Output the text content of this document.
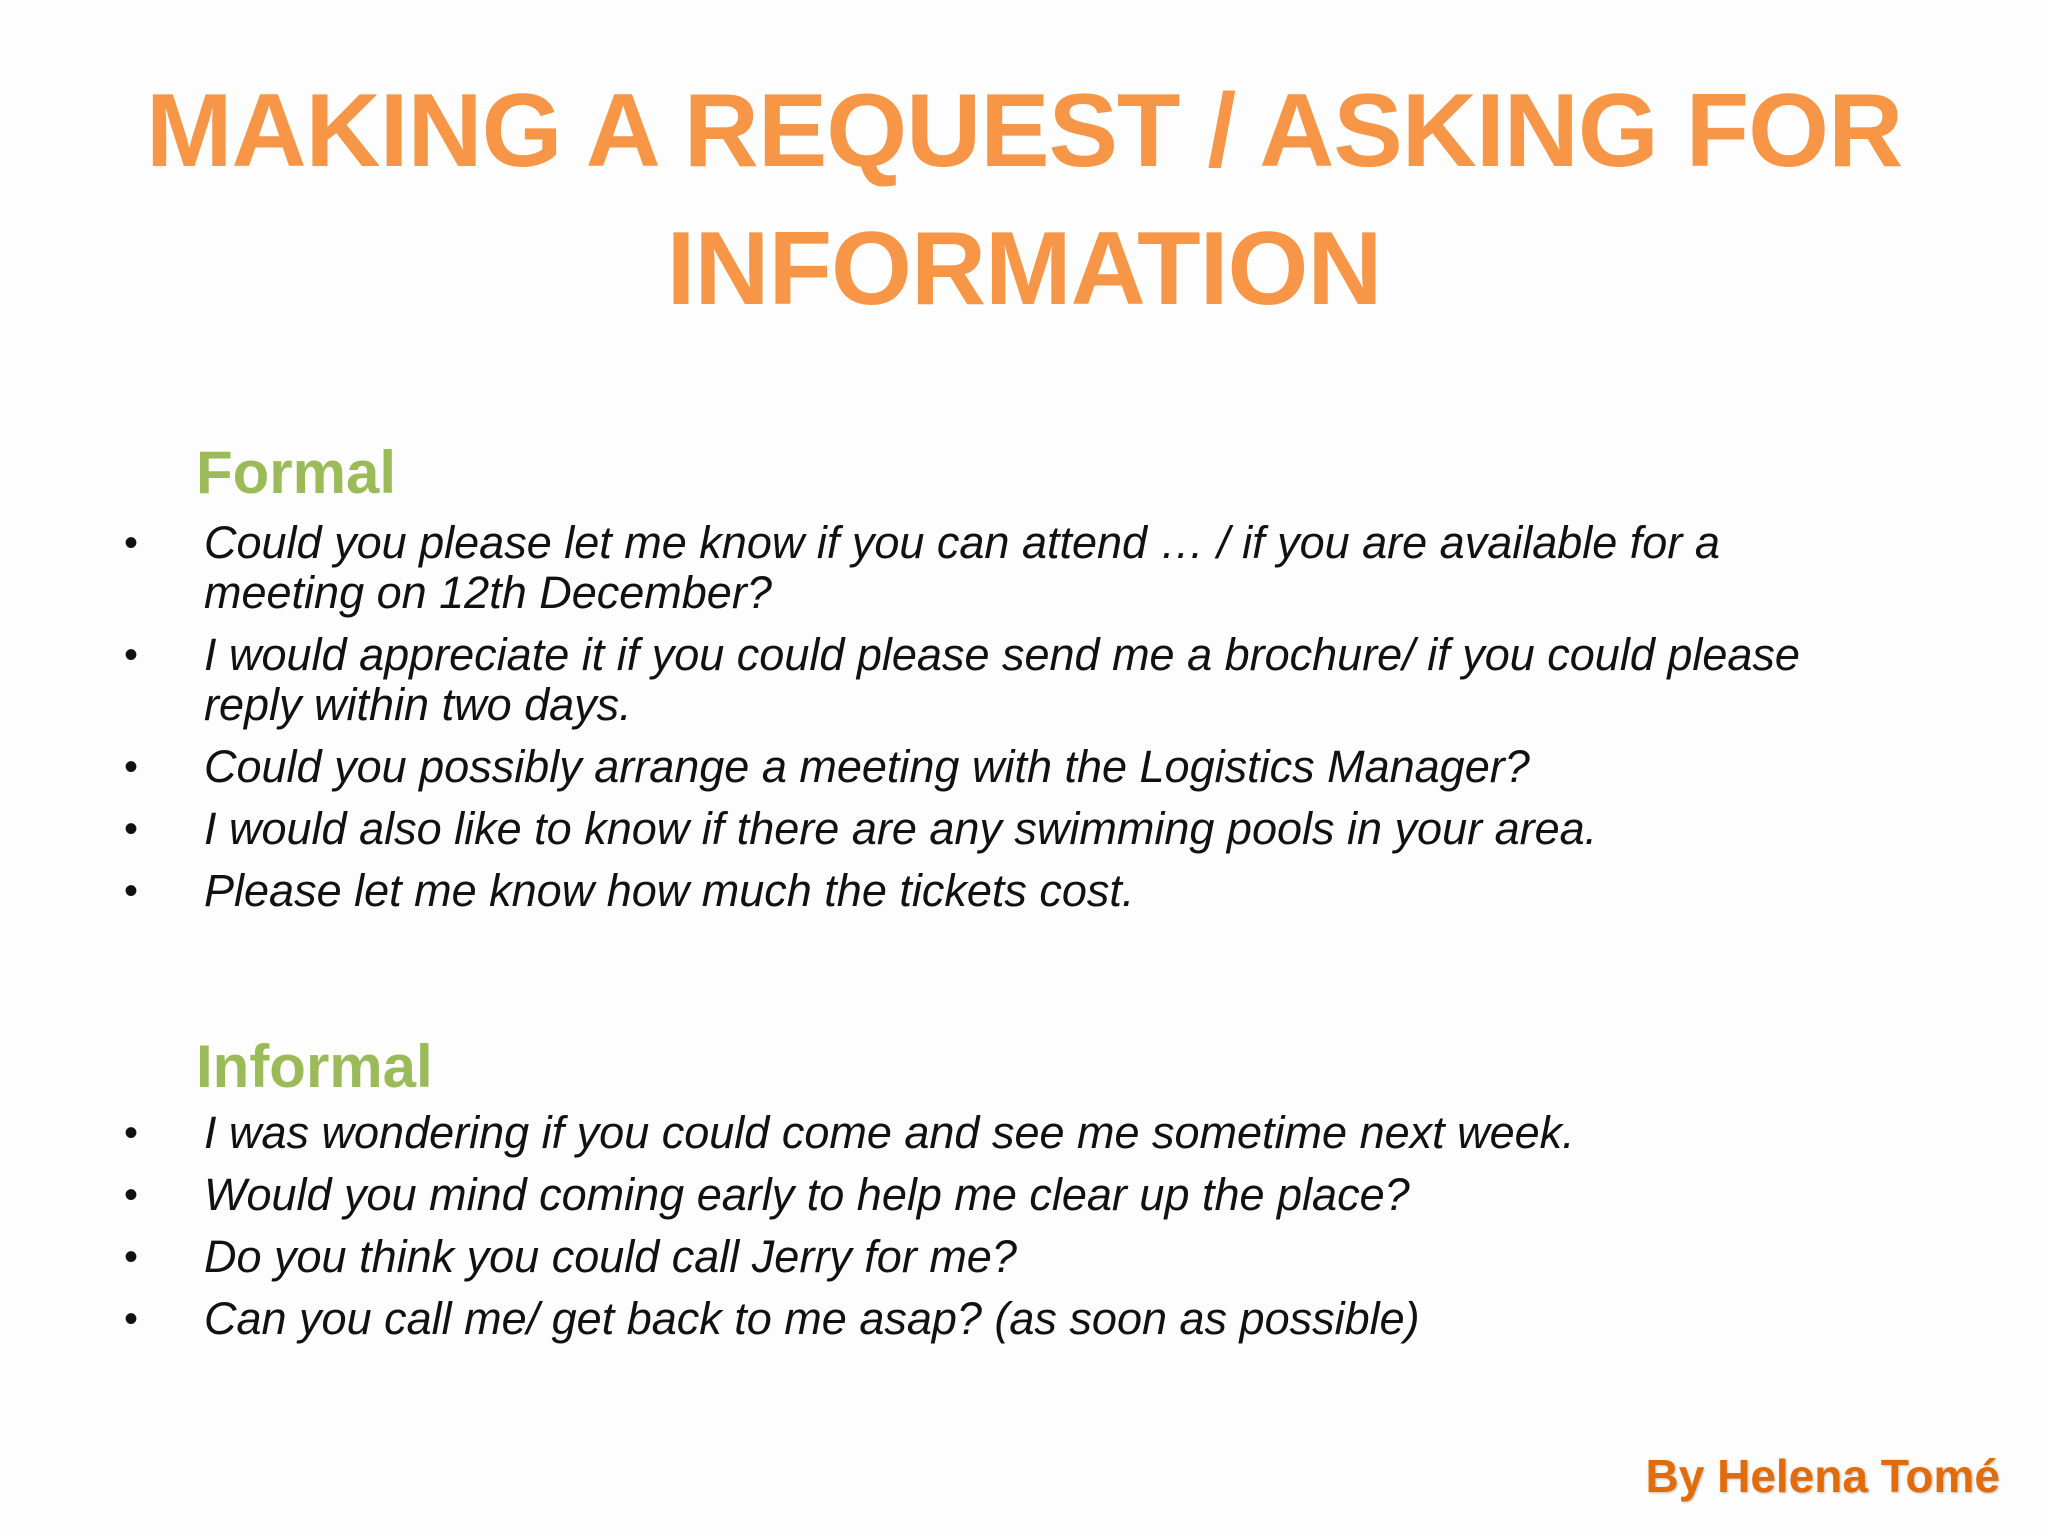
MAKING A REQUEST / ASKING FOR
INFORMATION
Formal
• Could you please let me know if you can attend … / if you are available for a
meeting on 12th December?
• I would appreciate it if you could please send me a brochure/ if you could please
reply within two days.
• Could you possibly arrange a meeting with the Logistics Manager?
• I would also like to know if there are any swimming pools in your area.
• Please let me know how much the tickets cost.
Informal
• I was wondering if you could come and see me sometime next week.
• Would you mind coming early to help me clear up the place?
• Do you think you could call Jerry for me?
• Can you call me/ get back to me asap? (as soon as possible)
By Helena Tomé
